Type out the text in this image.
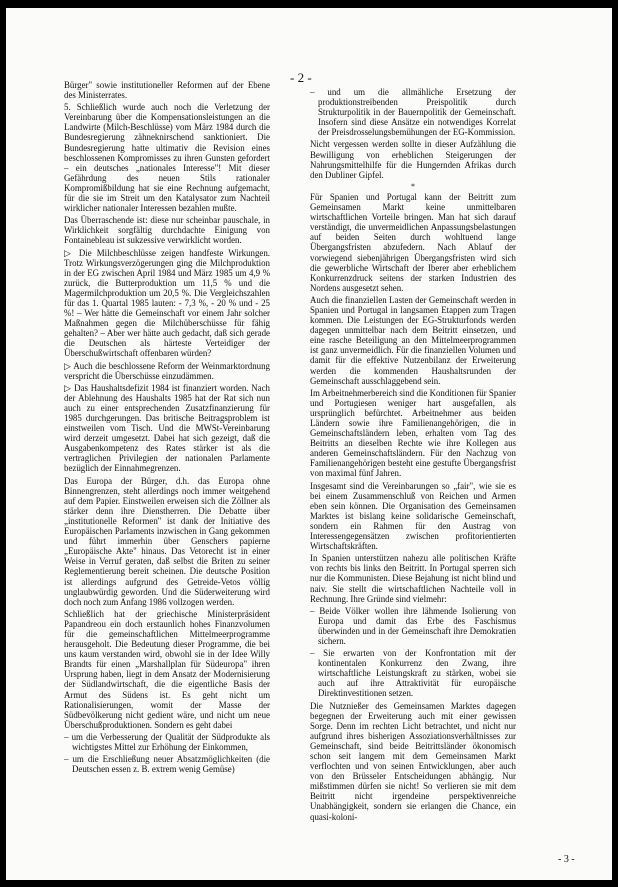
- 2 -

Bürger" sowie institutioneller Reformen auf der Ebene des Ministerrates.

5. Schließlich wurde auch noch die Verletzung der Vereinbarung über die Kompensationsleistungen an die Landwirte (Milch-Beschlüsse) vom März 1984 durch die Bundesregierung zähneknirschend sanktioniert. Die Bundesregierung hatte ultimativ die Revision eines beschlossenen Kompromisses zu ihren Gunsten gefordert – ein deutsches „nationales Interesse"! Mit dieser Gefährdung des neuen Stils rationaler Kompromißbildung hat sie eine Rechnung aufgemacht, für die sie im Streit um den Katalysator zum Nachteil wirklicher nationaler Interessen bezahlen mußte.

Das Überraschende ist: diese nur scheinbar pauschale, in Wirklichkeit sorgfältig durchdachte Einigung von Fontainebleau ist sukzessive verwirklicht worden.

▷ Die Milchbeschlüsse zeigen handfeste Wirkungen. Trotz Wirkungsverzögerungen ging die Milchproduktion in der EG zwischen April 1984 und März 1985 um 4,9 % zurück, die Butterproduktion um 11,5 % und die Magermilchproduktion um 20,5 %. Die Vergleichszahlen für das 1. Quartal 1985 lauten: - 7,3 %, - 20 % und - 25 %! – Wer hätte die Gemeinschaft vor einem Jahr solcher Maßnahmen gegen die Milchüberschüsse für fähig gehalten? – Aber wer hätte auch gedacht, daß sich gerade die Deutschen als härteste Verteidiger der Überschußwirtschaft offenbaren würden?

▷ Auch die beschlossene Reform der Weinmarktordnung verspricht die Überschüsse einzudämmen.

▷ Das Haushaltsdefizit 1984 ist finanziert worden. Nach der Ablehnung des Haushalts 1985 hat der Rat sich nun auch zu einer entsprechenden Zusatzfinanzierung für 1985 durchgerungen. Das britische Beitragsproblem ist einstweilen vom Tisch. Und die MWSt-Vereinbarung wird derzeit umgesetzt. Dabei hat sich gezeigt, daß die Ausgabenkompetenz des Rates stärker ist als die vertraglichen Privilegien der nationalen Parlamente bezüglich der Einnahmegrenzen.

Das Europa der Bürger, d.h. das Europa ohne Binnengrenzen, steht allerdings noch immer weitgehend auf dem Papier. Einstweilen erweisen sich die Zöllner als stärker denn ihre Dienstherren. Die Debatte über „institutionelle Reformen" ist dank der Initiative des Europäischen Parlaments inzwischen in Gang gekommen und führt immerhin über Genschers papierne „Europäische Akte" hinaus. Das Vetorecht ist in einer Weise in Verruf geraten, daß selbst die Briten zu seiner Reglementierung bereit scheinen. Die deutsche Position ist allerdings aufgrund des Getreide-Vetos völlig unglaubwürdig geworden. Und die Süderweiterung wird doch noch zum Anfang 1986 vollzogen werden.

Schließlich hat der griechische Ministerpräsident Papandreou ein doch erstaunlich hohes Finanzvolumen für die gemeinschaftlichen Mittelmeerprogramme herausgeholt. Die Bedeutung dieser Programme, die bei uns kaum verstanden wird, obwohl sie in der Idee Willy Brandts für einen „Marshallplan für Südeuropa" ihren Ursprung haben, liegt in dem Ansatz der Modernisierung der Südlandwirtschaft, die die eigentliche Basis der Armut des Südens ist. Es geht nicht um Rationalisierungen, womit der Masse der Südbevölkerung nicht gedient wäre, und nicht um neue Überschußproduktionen. Sondern es geht dabei

– um die Verbesserung der Qualität der Südprodukte als wichtigstes Mittel zur Erhöhung der Einkommen,
– um die Erschließung neuer Absatzmöglichkeiten (die Deutschen essen z. B. extrem wenig Gemüse)
– und um die allmähliche Ersetzung der produktionstreibenden Preispolitik durch Strukturpolitik in der Bauernpolitik der Gemeinschaft. Insofern sind diese Ansätze ein notwendiges Korrelat der Preisdrosselungsbemühungen der EG-Kommission.

Nicht vergessen werden sollte in dieser Aufzählung die Bewilligung von erheblichen Steigerungen der Nahrungsmittelhilfe für die Hungernden Afrikas durch den Dubliner Gipfel.

*

Für Spanien und Portugal kann der Beitritt zum Gemeinsamen Markt keine unmittelbaren wirtschaftlichen Vorteile bringen. Man hat sich darauf verständigt, die unvermeidlichen Anpassungsbelastungen auf beiden Seiten durch wohltuend lange Übergangsfristen abzufedern. Nach Ablauf der vorwiegend siebenjährigen Übergangsfristen wird sich die gewerbliche Wirtschaft der Iberer aber erheblichem Konkurrenzdruck seitens der starken Industrien des Nordens ausgesetzt sehen.

Auch die finanziellen Lasten der Gemeinschaft werden in Spanien und Portugal in langsamen Etappen zum Tragen kommen. Die Leistungen der EG-Strukturfonds werden dagegen unmittelbar nach dem Beitritt einsetzen, und eine rasche Beteiligung an den Mittelmeerprogrammen ist ganz unvermeidlich. Für die finanziellen Volumen und damit für die effektive Nutzenbilanz der Erweiterung werden die kommenden Haushaltsrunden der Gemeinschaft ausschlaggebend sein.

Im Arbeitnehmerbereich sind die Konditionen für Spanier und Portugiesen weniger hart ausgefallen, als ursprünglich befürchtet. Arbeitnehmer aus beiden Ländern sowie ihre Familienangehörigen, die in Gemeinschaftsländern leben, erhalten vom Tag des Beitritts an dieselben Rechte wie ihre Kollegen aus anderen Gemeinschaftsländern. Für den Nachzug von Familienangehörigen besteht eine gestufte Übergangsfrist von maximal fünf Jahren.

Insgesamt sind die Vereinbarungen so „fair", wie sie es bei einem Zusammenschluß von Reichen und Armen eben sein können. Die Organisation des Gemeinsamen Marktes ist bislang keine solidarische Gemeinschaft, sondern ein Rahmen für den Austrag von Interessengegensätzen zwischen profitorientierten Wirtschaftskräften.

In Spanien unterstützen nahezu alle politischen Kräfte von rechts bis links den Beitritt. In Portugal sperren sich nur die Kommunisten. Diese Bejahung ist nicht blind und naiv. Sie stellt die wirtschaftlichen Nachteile voll in Rechnung. Ihre Gründe sind vielmehr:

– Beide Völker wollen ihre lähmende Isolierung von Europa und damit das Erbe des Faschismus überwinden und in der Gemeinschaft ihre Demokratien sichern.
– Sie erwarten von der Konfrontation mit der kontinentalen Konkurrenz den Zwang, ihre wirtschaftliche Leistungskraft zu stärken, wobei sie auch auf ihre Attraktivität für europäische Direktinvestitionen setzen.

Die Nutznießer des Gemeinsamen Marktes dagegen begegnen der Erweiterung auch mit einer gewissen Sorge. Denn im rechten Licht betrachtet, und nicht nur aufgrund ihres bisherigen Assoziationsverhältnisses zur Gemeinschaft, sind beide Beitrittsländer ökonomisch schon seit langem mit dem Gemeinsamen Markt verflochten und von seinen Entwicklungen, aber auch von den Brüsseler Entscheidungen abhängig. Nur mißstimmen dürfen sie nicht! So verlieren sie mit dem Beitritt nicht irgendeine perspektivenreiche Unabhängigkeit, sondern sie erlangen die Chance, ein quasi-koloni-

- 3 -
